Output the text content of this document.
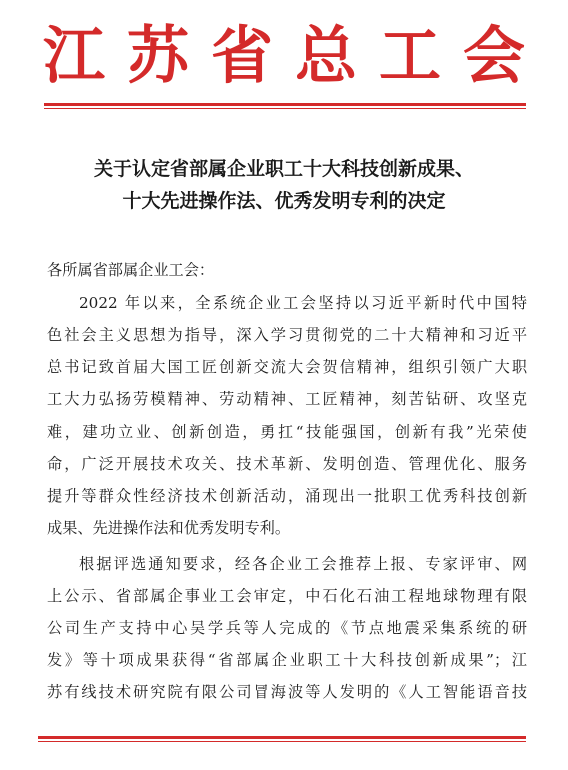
江苏省总工会
关于认定省部属企业职工十大科技创新成果、
十大先进操作法、优秀发明专利的决定
各所属省部属企业工会：
2022 年以来，全系统企业工会坚持以习近平新时代中国特
色社会主义思想为指导，深入学习贯彻党的二十大精神和习近平
总书记致首届大国工匠创新交流大会贺信精神，组织引领广大职
工大力弘扬劳模精神、劳动精神、工匠精神，刻苦钻研、攻坚克
难，建功立业、创新创造，勇扛“技能强国，创新有我”光荣使
命，广泛开展技术攻关、技术革新、发明创造、管理优化、服务
提升等群众性经济技术创新活动，涌现出一批职工优秀科技创新
成果、先进操作法和优秀发明专利。
根据评选通知要求，经各企业工会推荐上报、专家评审、网
上公示、省部属企事业工会审定，中石化石油工程地球物理有限
公司生产支持中心吴学兵等人完成的《节点地震采集系统的研
发》等十项成果获得“省部属企业职工十大科技创新成果”；江
苏有线技术研究院有限公司冒海波等人发明的《人工智能语音技
